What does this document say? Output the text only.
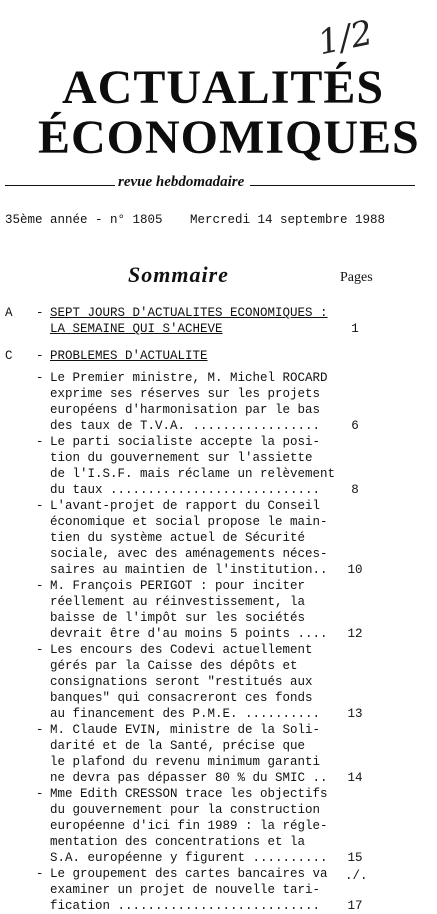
1/2
ACTUALITÉS
ÉCONOMIQUES
revue hebdomadaire
35ème année - n° 1805 Mercredi 14 septembre 1988
Sommaire	Pages
A - SEPT JOURS D'ACTUALITES ECONOMIQUES :
LA SEMAINE QUI S'ACHEVE	1
C - PROBLEMES D'ACTUALITE
- Le Premier ministre, M. Michel ROCARD
exprime ses réserves sur les projets
européens d'harmonisation par le bas
des taux de T.V.A. .................	6
- Le parti socialiste accepte la posi-
tion du gouvernement sur l'assiette
de l'I.S.F. mais réclame un relèvement
du taux ............................	8
- L'avant-projet de rapport du Conseil
économique et social propose le main-
tien du système actuel de Sécurité
sociale, avec des aménagements néces-
saires au maintien de l'institution..	10
- M. François PERIGOT : pour inciter
réellement au réinvestissement, la
baisse de l'impôt sur les sociétés
devrait être d'au moins 5 points ....	12
- Les encours des Codevi actuellement
gérés par la Caisse des dépôts et
consignations seront "restitués aux
banques" qui consacreront ces fonds
au financement des P.M.E. ..........	13
- M. Claude EVIN, ministre de la Soli-
darité et de la Santé, précise que
le plafond du revenu minimum garanti
ne devra pas dépasser 80 % du SMIC ..	14
- Mme Edith CRESSON trace les objectifs
du gouvernement pour la construction
européenne d'ici fin 1989 : la régle-
mentation des concentrations et la
S.A. européenne y figurent ..........	15
- Le groupement des cartes bancaires va
examiner un projet de nouvelle tari-
fication ...........................	17
./.
